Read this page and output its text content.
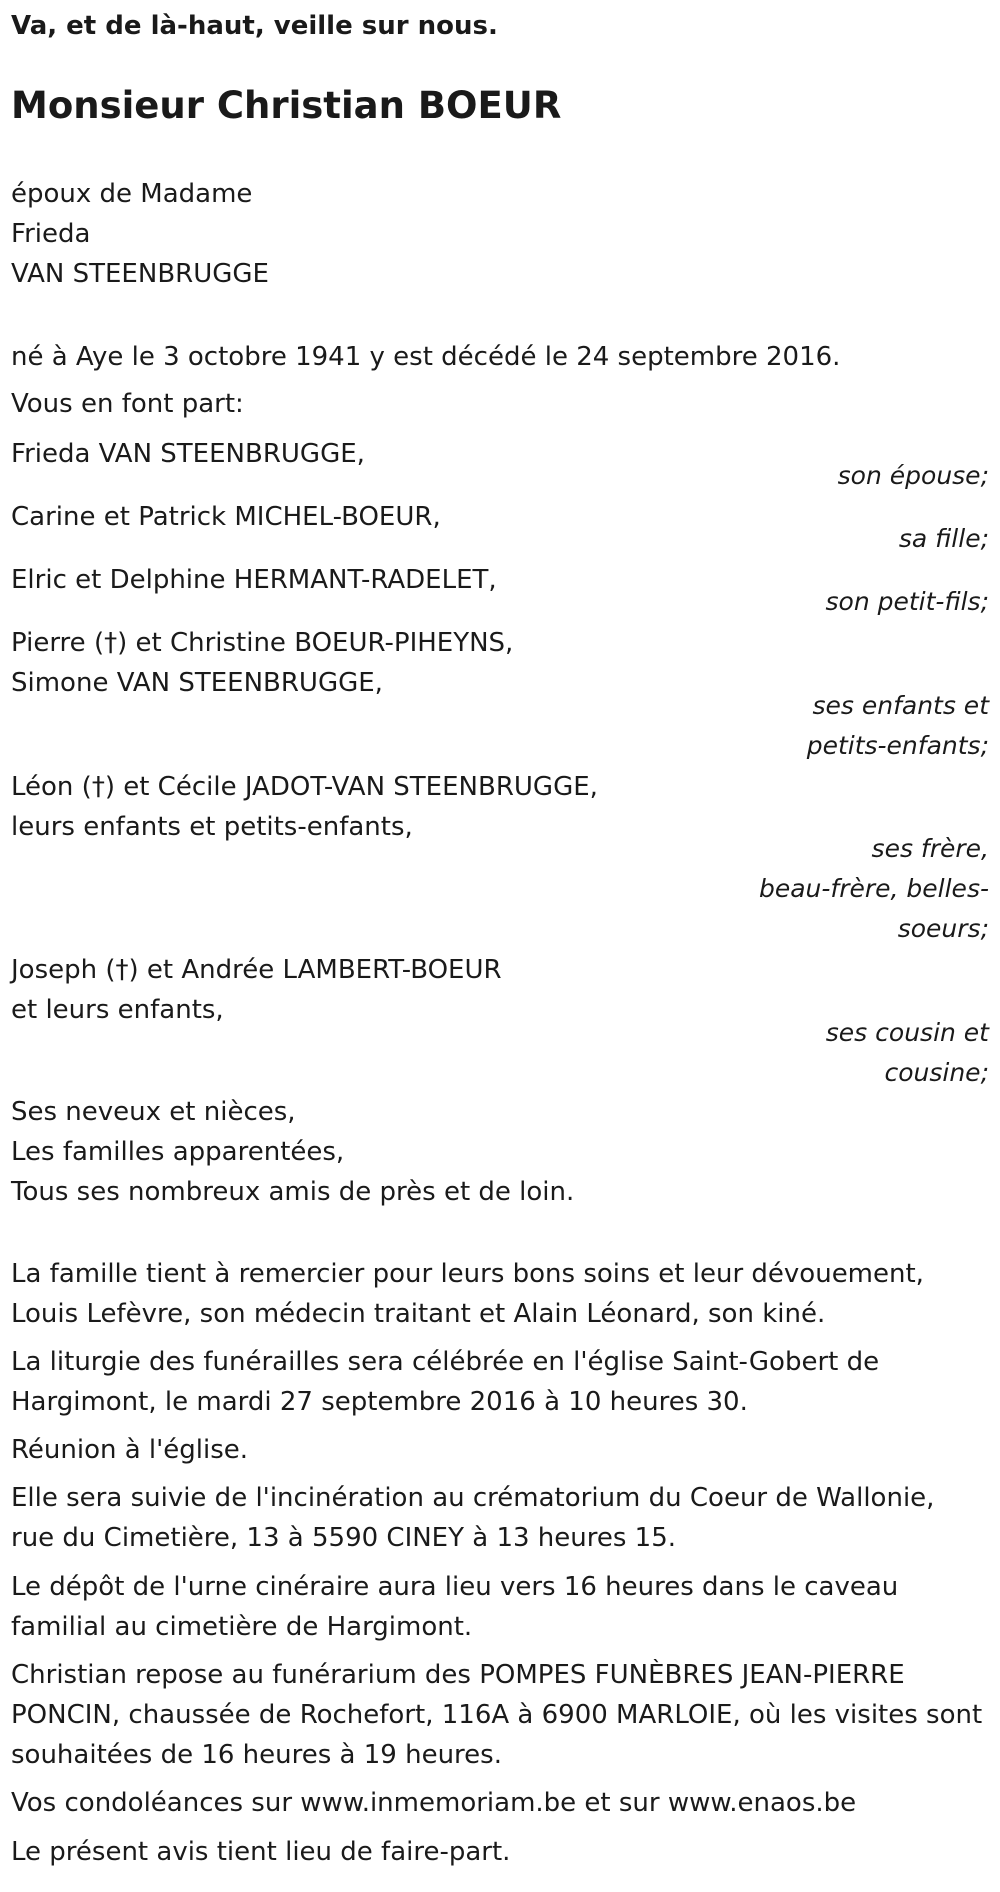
Va, et de là-haut, veille sur nous.

Monsieur Christian BOEUR
époux de Madame
Frieda
VAN STEENBRUGGE
né à Aye le 3 octobre 1941 y est décédé le 24 septembre 2016.
Vous en font part:
Frieda VAN STEENBRUGGE,
son épouse;
Carine et Patrick MICHEL-BOEUR,
sa fille;
Elric et Delphine HERMANT-RADELET,
son petit-fils;
Pierre (†) et Christine BOEUR-PIHEYNS,
Simone VAN STEENBRUGGE,
ses enfants et
petits-enfants;
Léon (†) et Cécile JADOT-VAN STEENBRUGGE,
leurs enfants et petits-enfants,
ses frère,
beau-frère, belles-
soeurs;
Joseph (†) et Andrée LAMBERT-BOEUR
et leurs enfants,
ses cousin et
cousine;
Ses neveux et nièces,
Les familles apparentées,
Tous ses nombreux amis de près et de loin.
La famille tient à remercier pour leurs bons soins et leur dévouement,
Louis Lefèvre, son médecin traitant et Alain Léonard, son kiné.
La liturgie des funérailles sera célébrée en l'église Saint-Gobert de
Hargimont, le mardi 27 septembre 2016 à 10 heures 30.
Réunion à l'église.
Elle sera suivie de l'incinération au crématorium du Coeur de Wallonie,
rue du Cimetière, 13 à 5590 CINEY à 13 heures 15.
Le dépôt de l'urne cinéraire aura lieu vers 16 heures dans le caveau
familial au cimetière de Hargimont.
Christian repose au funérarium des POMPES FUNÈBRES JEAN-PIERRE
PONCIN, chaussée de Rochefort, 116A à 6900 MARLOIE, où les visites sont
souhaitées de 16 heures à 19 heures.
Vos condoléances sur www.inmemoriam.be et sur www.enaos.be
Le présent avis tient lieu de faire-part.
